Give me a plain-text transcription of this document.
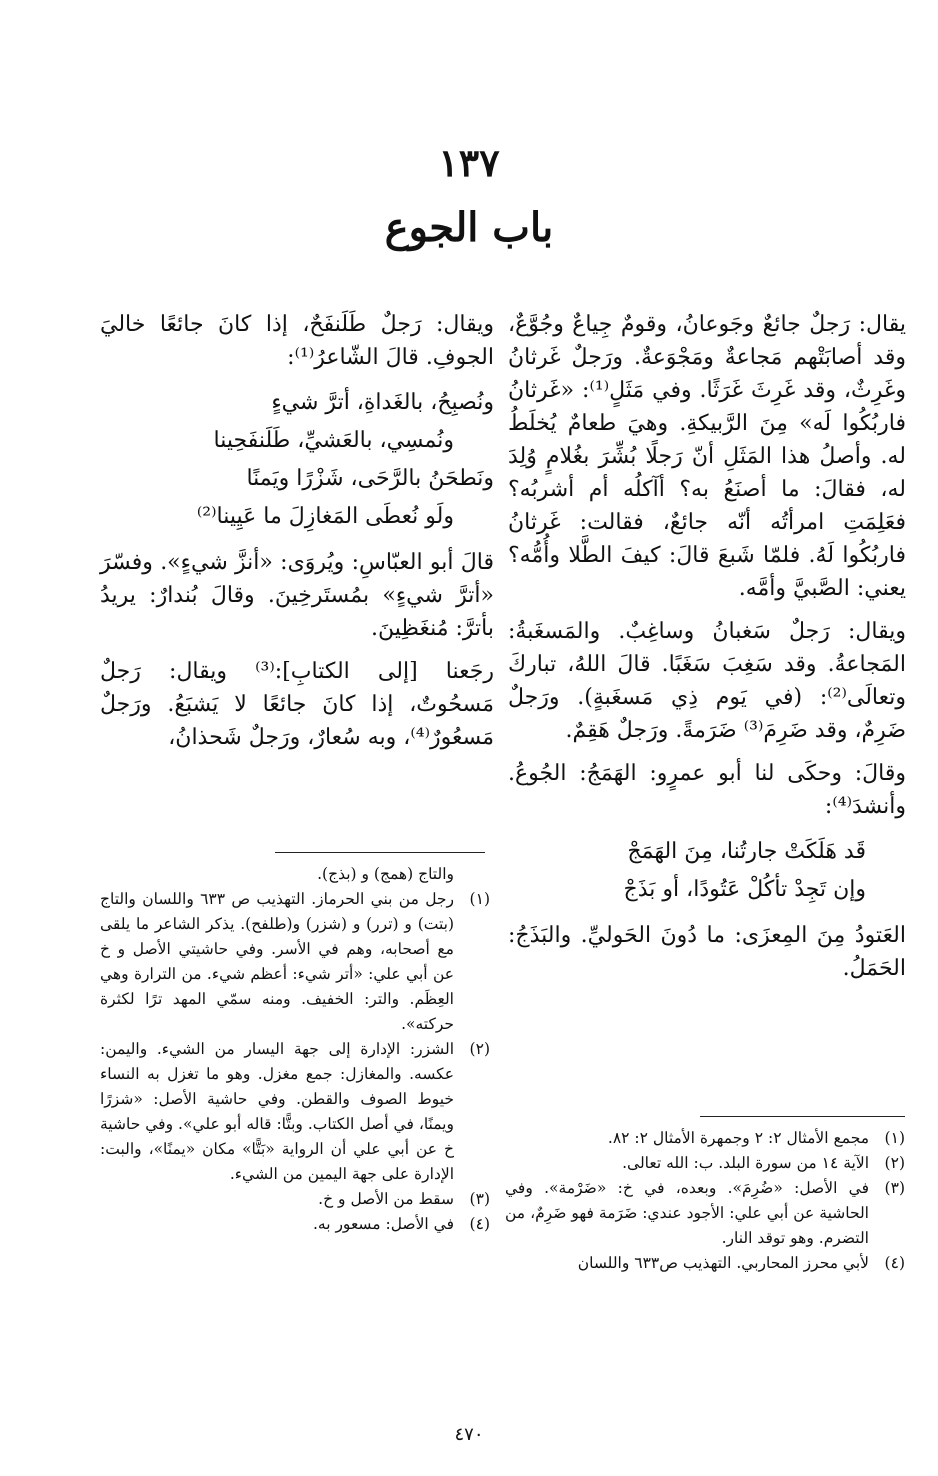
١٣٧
باب الجوع

يقال: رَجلٌ جائعٌ وجَوعانُ، وقومٌ جِياعٌ وجُوَّعٌ، وقد أصابَتْهم مَجاعةٌ ومَجْوَعةٌ. ورَجلٌ غَرثانُ وغَرِثٌ، وقد غَرِثَ غَرَثًا. وفي مَثَلٍ⁽¹⁾: «غَرثانُ فاربُكُوا لَه» مِنَ الرَّبيكةِ. وهيَ طعامٌ يُخلَطُ له. وأصلُ هذا المَثَلِ أنّ رَجلًا بُشِّرَ بغُلامٍ وُلِدَ له، فقالَ: ما أصنَعُ به؟ أآكلُه أم أشربُه؟ فعَلِمَتِ امرأتُه أنّه جائعٌ، فقالت: غَرثانُ فاربُكُوا لَهُ. فلمّا شَبعَ قالَ: كيفَ الطَّلا وأُمُّه؟ يعني: الصَّبيَّ وأمَّه.

ويقال: رَجلٌ سَغبانُ وساغِبٌ. والمَسغَبةُ: المَجاعةُ. وقد سَغِبَ سَغَبًا. قالَ اللهُ، تباركَ وتعالَى⁽²⁾: (في يَوم ذِي مَسغَبةٍ). ورَجلٌ ضَرِمٌ، وقد ضَرِمَ⁽³⁾ ضَرَمةً. ورَجلٌ هَقِمٌ.

وقالَ: وحكَى لنا أبو عمرٍو: الهَمَجُ: الجُوعُ. وأنشدَ⁽⁴⁾:

قَد هَلَكَتْ جارتُنا، مِنَ الهَمَجْ
وإن تَجِدْ تأكُلْ عَتُودًا، أو بَذَجْ

العَتودُ مِنَ المِعزَى: ما دُونَ الحَوليِّ. والبَذَجُ: الحَمَلُ.

ويقال: رَجلٌ طَلَنفَحٌ، إذا كانَ جائعًا خاليَ الجوفِ. قالَ الشّاعرُ⁽¹⁾:

ونُصبِحُ، بالغَداةِ، أترَّ شيءٍ
ونُمسِي، بالعَشيِّ، طَلَنفَحِينا
ونَطحَنُ بالرَّحَى، شَزْرًا ويَمنًا
ولَو نُعطَى المَغازِلَ ما عَيِينا⁽²⁾

قالَ أبو العبّاسِ: ويُروَى: «أنزَّ شيءٍ». وفسّرَ «أترَّ شيءٍ» بمُستَرخِينَ. وقالَ بُندارٌ: يريدُ بأترَّ: مُنغَظِينَ.

رجَعنا [إلى الكتابِ]:⁽³⁾ ويقال: رَجلٌ مَسحُوتٌ، إذا كانَ جائعًا لا يَشبَعُ. ورَجلٌ مَسعُورٌ⁽⁴⁾، وبه سُعارٌ، ورَجلٌ شَحذانُ،

(١)
مجمع الأمثال ٢: ٢ وجمهرة الأمثال ٢: ٨٢.
(٢)
الآية ١٤ من سورة البلد. ب: الله تعالى.
(٣)
في الأصل: «ضُرِمَ». وبعده، في خ: «ضَرْمة». وفي الحاشية عن أبي علي: الأجود عندي: ضَرَمة فهو ضَرِمٌ، من التضرم. وهو توقد النار.
(٤)
لأبي محرز المحاربي. التهذيب ص٦٣٣ واللسان

والتاج (همج) و (بذج).

(١)
رجل من بني الحرماز. التهذيب ص ٦٣٣ واللسان والتاج (بتت) و (ترر) و (شزر) و(طلفح). يذكر الشاعر ما يلقى مع أصحابه، وهم في الأسر. وفي حاشيتي الأصل و خ عن أبي علي: «أتر شيء: أعظم شيء. من الترارة وهي العِظَم. والتر: الخفيف. ومنه سمّي المهد ترًا لكثرة حركته».
(٢)
الشزر: الإدارة إلى جهة اليسار من الشيء. واليمن: عكسه. والمغازل: جمع مغزل. وهو ما تغزل به النساء خيوط الصوف والقطن. وفي حاشية الأصل: «شزرًا ويمنًا، في أصل الكتاب. وبتًّا: قاله أبو علي». وفي حاشية خ عن أبي علي أن الرواية «بَتًّا» مكان «يمنًا»، والبت: الإدارة على جهة اليمين من الشيء.
(٣)
سقط من الأصل و خ.
(٤)
في الأصل: مسعور به.
٤٧٠
